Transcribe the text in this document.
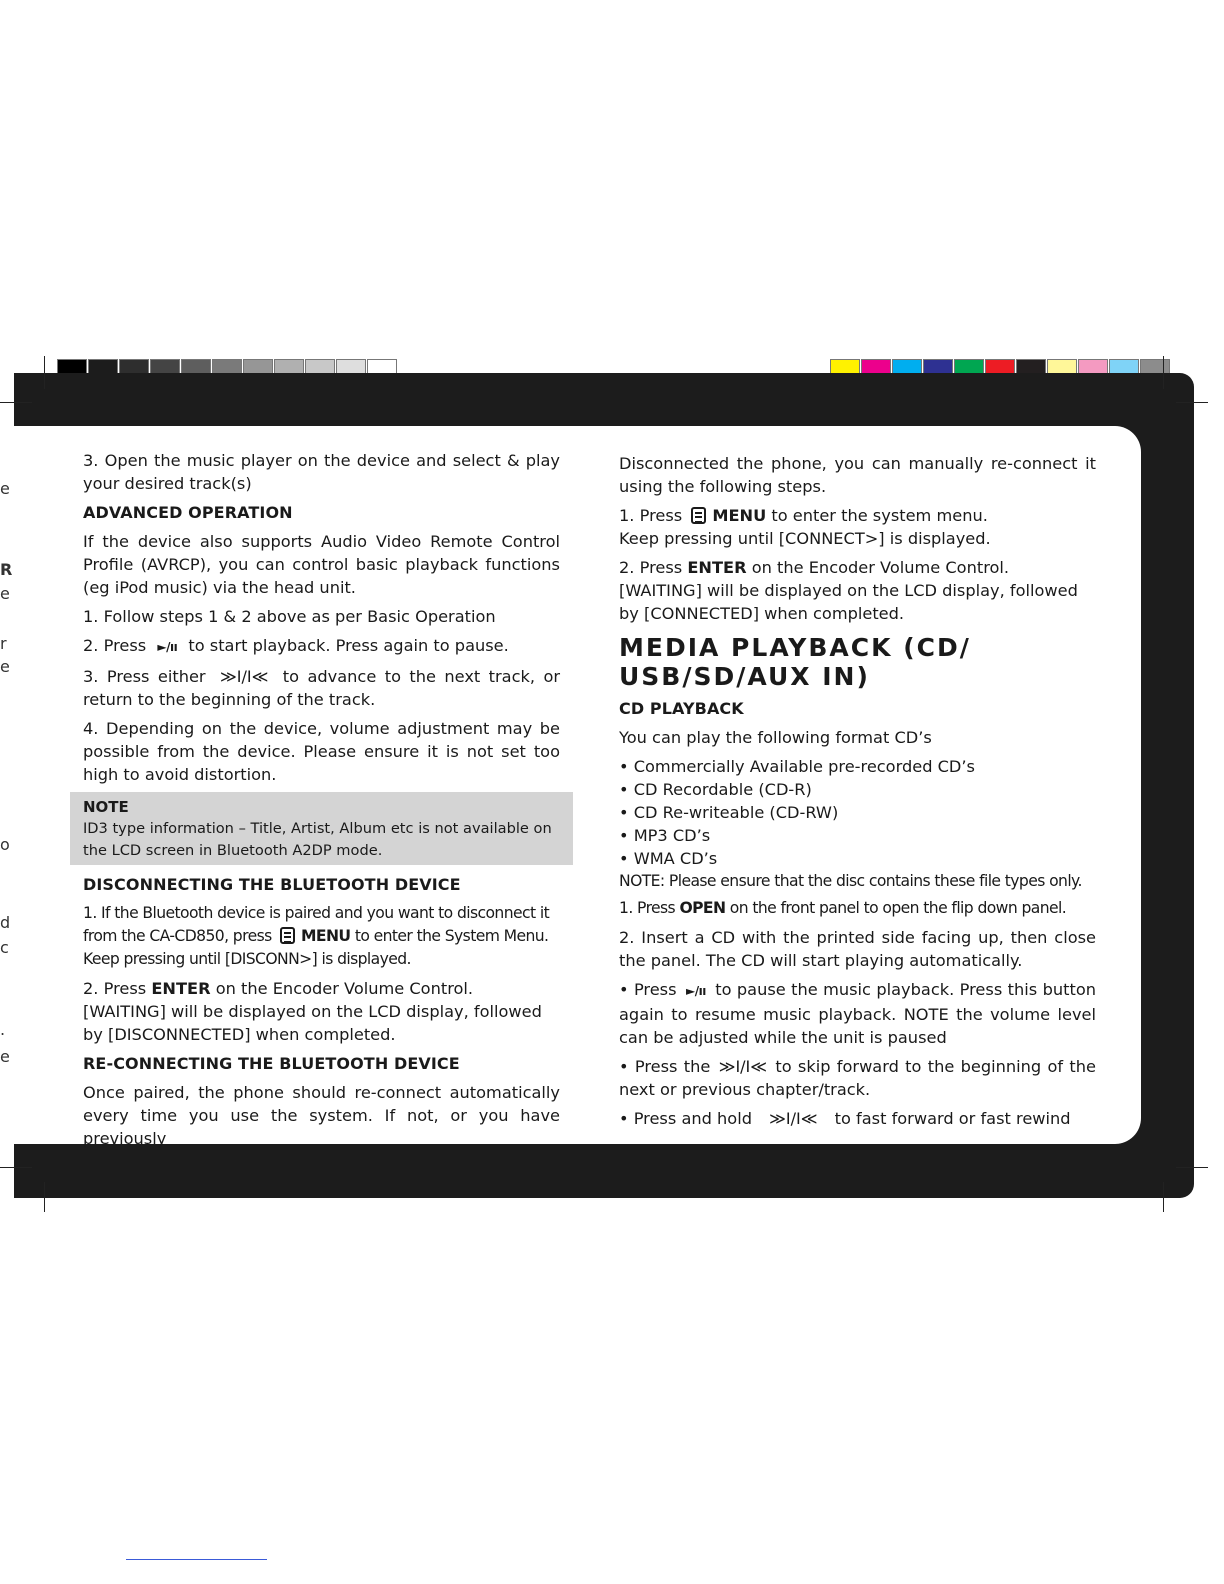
e
R
e
r
e
o
d
c
.
e

3. Open the music player on the device and select & play your desired track(s)

ADVANCED OPERATION

If the device also supports Audio Video Remote Control Profile (AVRCP), you can control basic playback functions (eg iPod music) via the head unit.

1. Follow steps 1 & 2 above as per Basic Operation

2. Press ►/ıı to start playback. Press again to pause.

3. Press either ≫I/I≪ to advance to the next track, or return to the beginning of the track.

4. Depending on the device, volume adjustment may be possible from the device. Please ensure it is not set too high to avoid distortion.

NOTE
ID3 type information – Title, Artist, Album etc is not available on the LCD screen in Bluetooth A2DP mode.
DISCONNECTING THE BLUETOOTH DEVICE

1. If the Bluetooth device is paired and you want to disconnect it from the CA-CD850, press MENU to enter the System Menu. Keep pressing until [DISCONN>] is displayed.

2. Press ENTER on the Encoder Volume Control.
[WAITING] will be displayed on the LCD display, followed by [DISCONNECTED] when completed.

RE-CONNECTING THE BLUETOOTH DEVICE

Once paired, the phone should re-connect automatically every time you use the system. If not, or you have previously

Disconnected the phone, you can manually re-connect it using the following steps.

1. Press MENU to enter the system menu.
Keep pressing until [CONNECT>] is displayed.

2. Press ENTER on the Encoder Volume Control.
[WAITING] will be displayed on the LCD display, followed by [CONNECTED] when completed.

MEDIA PLAYBACK (CD/ USB/SD/AUX IN)
CD PLAYBACK

You can play the following format CD’s

• Commercially Available pre-recorded CD’s
• CD Recordable (CD-R)
• CD Re-writeable (CD-RW)
• MP3 CD’s
• WMA CD’s

NOTE: Please ensure that the disc contains these file types only.

1. Press OPEN on the front panel to open the flip down panel.

2. Insert a CD with the printed side facing up, then close the panel. The CD will start playing automatically.

• Press ►/ıı to pause the music playback. Press this button again to resume music playback. NOTE the volume level can be adjusted while the unit is paused

• Press the ≫I/I≪ to skip forward to the beginning of the next or previous chapter/track.

• Press and hold ≫I/I≪ to fast forward or fast rewind
